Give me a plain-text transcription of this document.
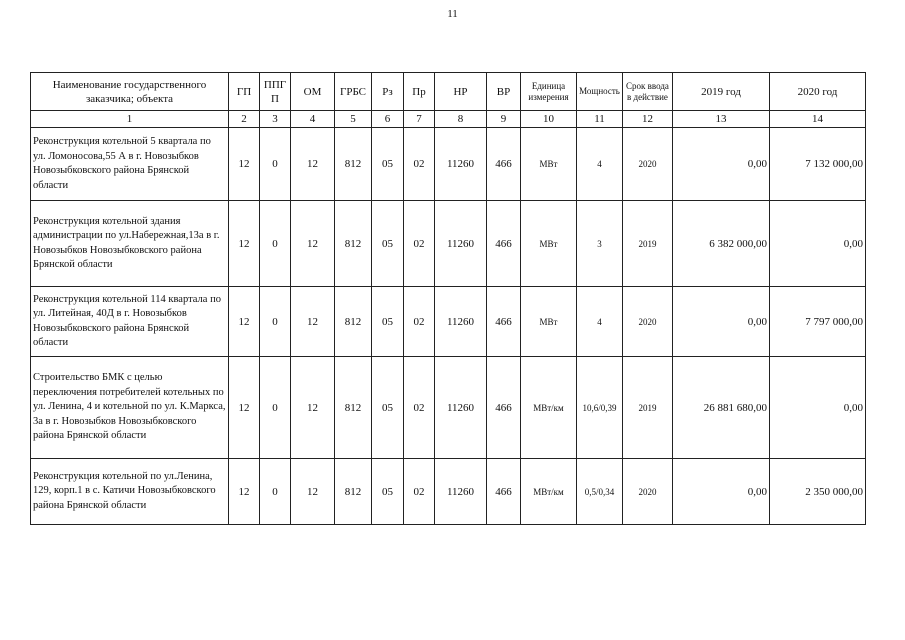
11
Наименование государственного заказчика; объекта	ГП	ППГ П	ОМ	ГРБС	Рз	Пр	НР	ВР	Единица измерения	Мощность	Срок ввода в действие	2019 год	2020 год
1	2	3	4	5	6	7	8	9	10	11	12	13	14
Реконструкция котельной 5 квартала по ул. Ломоносова,55 А в г. Новозыбков Новозыбковского района Брянской области	12	0	12	812	05	02	11260	466	МВт	4	2020	0,00	7 132 000,00
Реконструкция котельной здания администрации по ул.Набережная,13а в г. Новозыбков Новозыбковского района Брянской области	12	0	12	812	05	02	11260	466	МВт	3	2019	6 382 000,00	0,00
Реконструкция котельной 114 квартала по ул. Литейная, 40Д в г. Новозыбков Новозыбковского района Брянской области	12	0	12	812	05	02	11260	466	МВт	4	2020	0,00	7 797 000,00
Строительство БМК с целью переключения потребителей котельных по ул. Ленина, 4 и котельной по ул. К.Маркса, 3а в г. Новозыбков Новозыбковского района Брянской области	12	0	12	812	05	02	11260	466	МВт/км	10,6/0,39	2019	26 881 680,00	0,00
Реконструкция котельной по ул.Ленина, 129, корп.1 в с. Катичи Новозыбковского района Брянской области	12	0	12	812	05	02	11260	466	МВт/км	0,5/0,34	2020	0,00	2 350 000,00
